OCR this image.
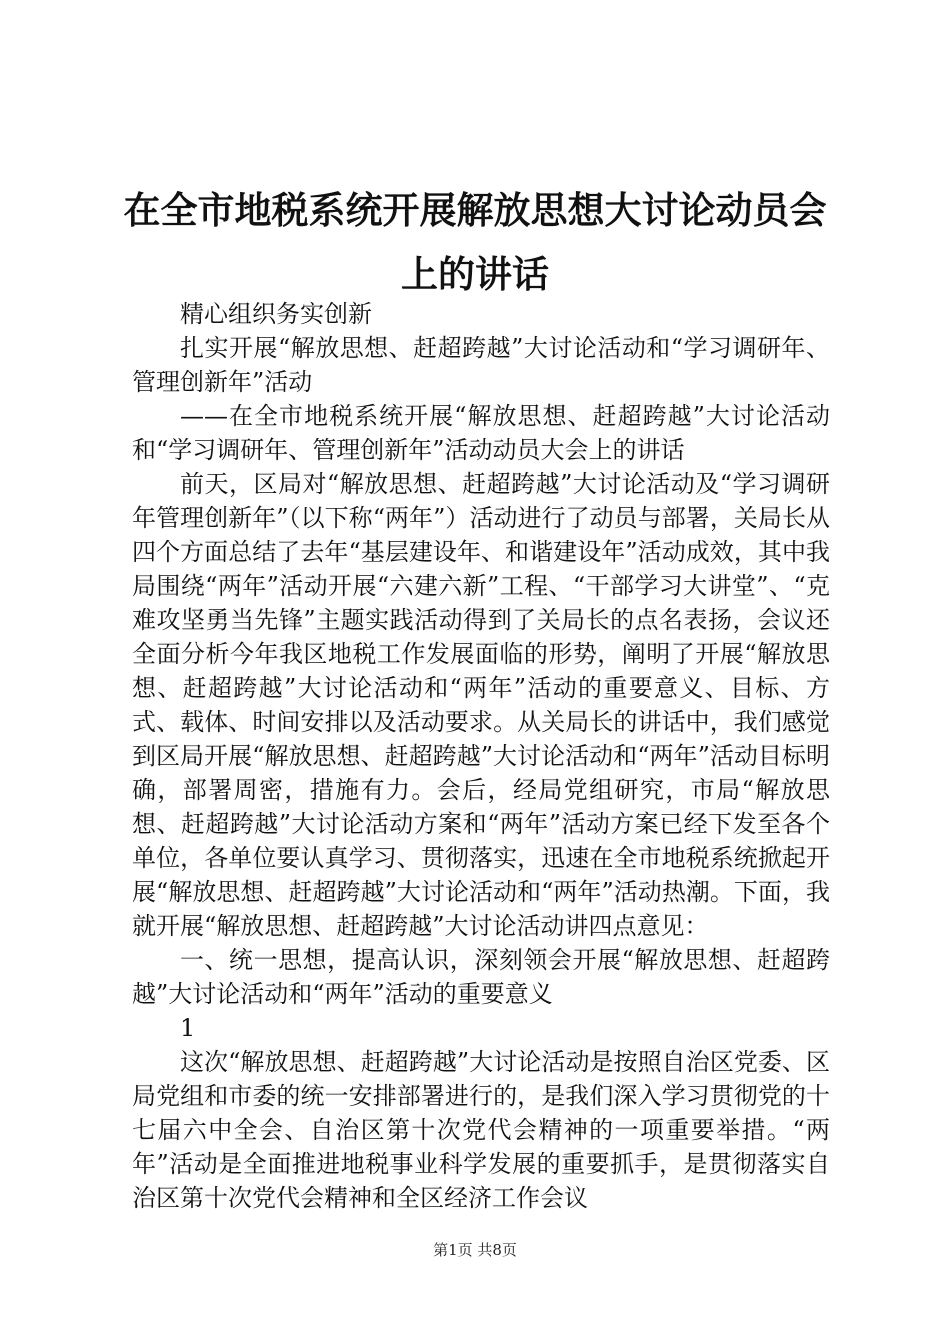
在全市地税系统开展解放思想大讨论动员会上的讲话

精心组织务实创新

扎实开展“解放思想、赶超跨越”大讨论活动和“学习调研年、管理创新年”活动

——在全市地税系统开展“解放思想、赶超跨越”大讨论活动和“学习调研年、管理创新年”活动动员大会上的讲话

前天，区局对“解放思想、赶超跨越”大讨论活动及“学习调研年管理创新年”（以下称“两年”）活动进行了动员与部署，关局长从四个方面总结了去年“基层建设年、和谐建设年”活动成效，其中我局围绕“两年”活动开展“六建六新”工程、“干部学习大讲堂”、“克难攻坚勇当先锋”主题实践活动得到了关局长的点名表扬，会议还全面分析今年我区地税工作发展面临的形势，阐明了开展“解放思想、赶超跨越”大讨论活动和“两年”活动的重要意义、目标、方式、载体、时间安排以及活动要求。从关局长的讲话中，我们感觉到区局开展“解放思想、赶超跨越”大讨论活动和“两年”活动目标明确，部署周密，措施有力。会后，经局党组研究，市局“解放思想、赶超跨越”大讨论活动方案和“两年”活动方案已经下发至各个单位，各单位要认真学习、贯彻落实，迅速在全市地税系统掀起开展“解放思想、赶超跨越”大讨论活动和“两年”活动热潮。下面，我就开展“解放思想、赶超跨越”大讨论活动讲四点意见：

一、统一思想，提高认识，深刻领会开展“解放思想、赶超跨越”大讨论活动和“两年”活动的重要意义

1

这次“解放思想、赶超跨越”大讨论活动是按照自治区党委、区局党组和市委的统一安排部署进行的，是我们深入学习贯彻党的十七届六中全会、自治区第十次党代会精神的一项重要举措。“两年”活动是全面推进地税事业科学发展的重要抓手，是贯彻落实自治区第十次党代会精神和全区经济工作会议

第1页 共8页
